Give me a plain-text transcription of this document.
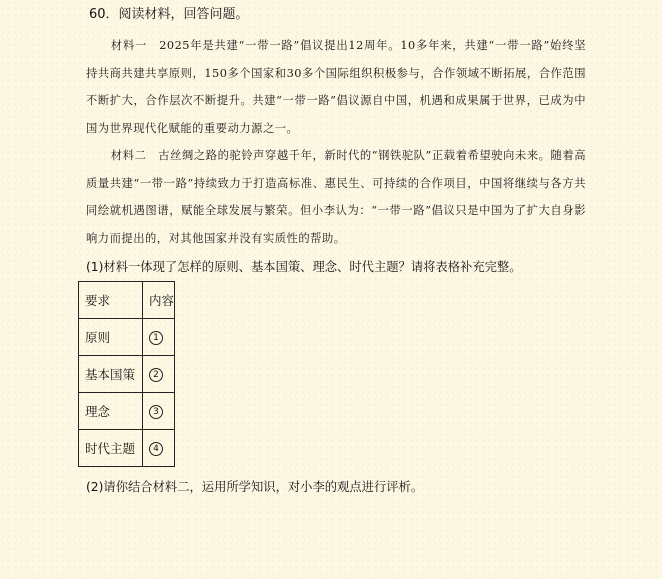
60．阅读材料，回答问题。
材料一　2025年是共建“一带一路”倡议提出12周年。10多年来，共建“一带一路”始终坚持共商共建共享原则，150多个国家和30多个国际组织积极参与，合作领域不断拓展，合作范围不断扩大，合作层次不断提升。共建“一带一路”倡议源自中国，机遇和成果属于世界，已成为中国为世界现代化赋能的重要动力源之一。
材料二　古丝绸之路的驼铃声穿越千年，新时代的“钢铁驼队”正载着希望驶向未来。随着高质量共建“一带一路”持续致力于打造高标准、惠民生、可持续的合作项目，中国将继续与各方共同绘就机遇图谱，赋能全球发展与繁荣。但小李认为：“一带一路”倡议只是中国为了扩大自身影响力而提出的，对其他国家并没有实质性的帮助。
(1)材料一体现了怎样的原则、基本国策、理念、时代主题？请将表格补充完整。
要求	内容
原则	1
基本国策	2
理念	3
时代主题	4
(2)请你结合材料二，运用所学知识，对小李的观点进行评析。
